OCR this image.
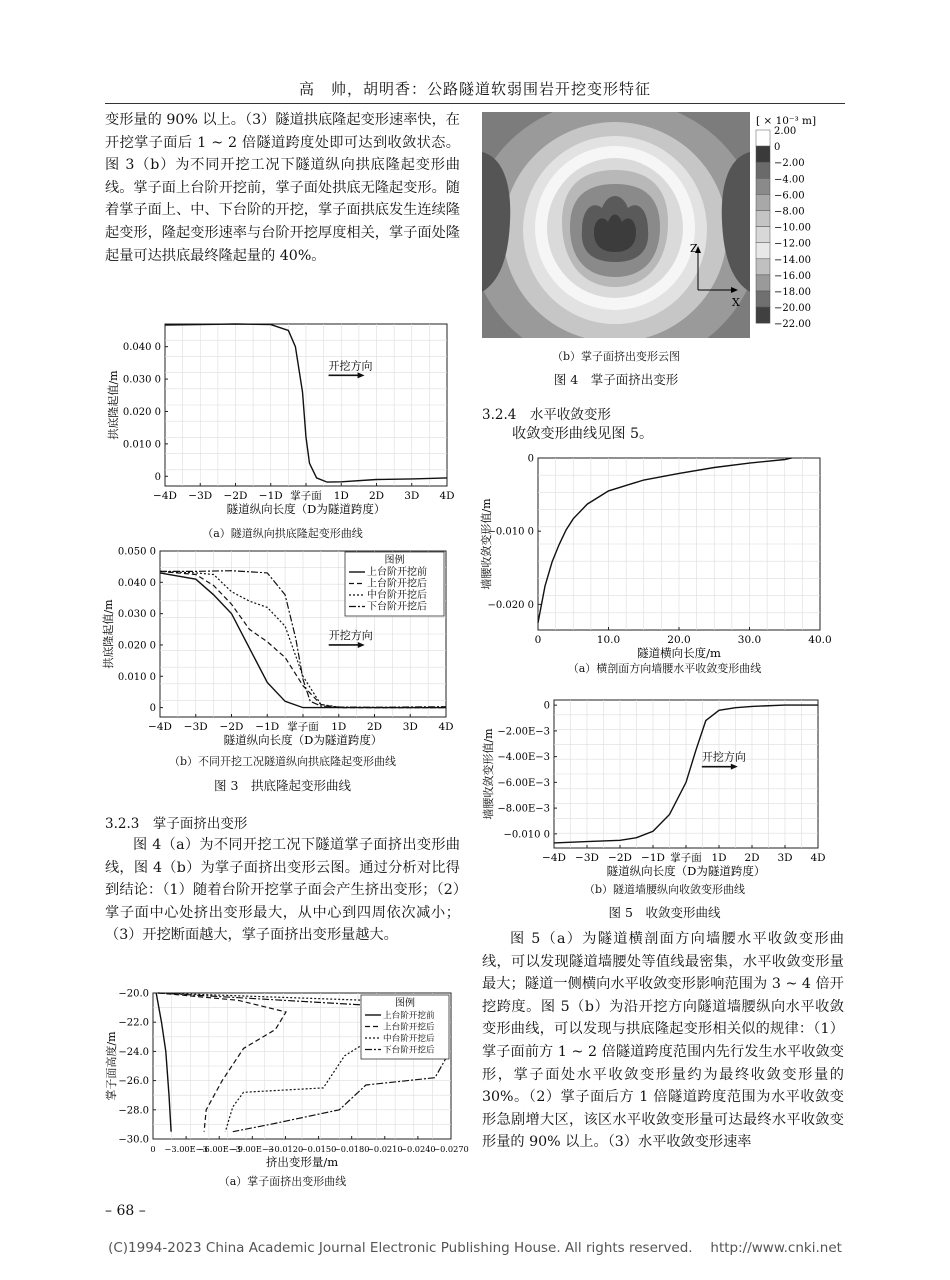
高　帅，胡明香：公路隧道软弱围岩开挖变形特征

变形量的 90% 以上。（3）隧道拱底隆起变形速率快，在开挖掌子面后 1 ~ 2 倍隧道跨度处即可达到收敛状态。图 3（b）为不同开挖工况下隧道纵向拱底隆起变形曲线。掌子面上台阶开挖前，掌子面处拱底无隆起变形。随着掌子面上、中、下台阶的开挖，掌子面拱底发生连续隆起变形，隆起变形速率与台阶开挖厚度相关，掌子面处隆起量可达拱底最终隆起量的 40%。

−4D −3D −2D −1D 掌子面 1D 2D 3D 4D
0.040 0
0.030 0
0.020 0
0.010 0
0
隧道纵向长度（D为隧道跨度）
拱底隆起值/m
开挖方向
（a）隧道纵向拱底隆起变形曲线
−4D −3D −2D −1D 掌子面 1D 2D 3D 4D
0.050 0
0.040 0
0.030 0
0.020 0
0.010 0
0
隧道纵向长度（D为隧道跨度）
拱底隆起值/m	开挖方向
图例
上台阶开挖前
上台阶开挖后
中台阶开挖后
下台阶开挖后
（b）不同开挖工况隧道纵向拱底隆起变形曲线
图 3　拱底隆起变形曲线
3.2.3　掌子面挤出变形

图 4（a）为不同开挖工况下隧道掌子面挤出变形曲线，图 4（b）为掌子面挤出变形云图。通过分析对比得到结论：（1）随着台阶开挖掌子面会产生挤出变形；（2）掌子面中心处挤出变形最大，从中心到四周依次减小；（3）开挖断面越大，掌子面挤出变形量越大。

0 −3.00E−3
−6.00E−3
−9.00E−3
−0.0120
−0.0150
−0.0180
−0.0210
−0.0240
−0.0270
−20.0
−22.0
−24.0
−26.0
−28.0
−30.0
挤出变形量/m
掌子面高度/m
图例
上台阶开挖前
上台阶开挖后
中台阶开挖后
下台阶开挖后
（a）掌子面挤出变形曲线
– 68 –
Z
X
[ × 10⁻³ m]
2.00
0
−2.00
−4.00
−6.00
−8.00
−10.00
−12.00
−14.00
−16.00
−18.00
−20.00
−22.00
（b）掌子面挤出变形云图
图 4　掌子面挤出变形
3.2.4　水平收敛变形
收敛变形曲线见图 5。
0	10.0	20.0	30.0	40.0
0
−0.010 0
−0.020 0
隧道横向长度/m
墙腰收敛变形值/m
（a）横剖面方向墙腰水平收敛变形曲线
−4D −3D −2D −1D 掌子面 1D 2D 3D 4D
0
−2.00E−3
−4.00E−3
−6.00E−3
−8.00E−3
−0.010 0
隧道纵向长度（D为隧道跨度）
墙腰收敛变形值/m	开挖方向
（b）隧道墙腰纵向收敛变形曲线
图 5　收敛变形曲线

图 5（a）为隧道横剖面方向墙腰水平收敛变形曲线，可以发现隧道墙腰处等值线最密集，水平收敛变形量最大；隧道一侧横向水平收敛变形影响范围为 3 ~ 4 倍开挖跨度。图 5（b）为沿开挖方向隧道墙腰纵向水平收敛变形曲线，可以发现与拱底隆起变形相关似的规律：（1）掌子面前方 1 ~ 2 倍隧道跨度范围内先行发生水平收敛变形，掌子面处水平收敛变形量约为最终收敛变形量的 30%。（2）掌子面后方 1 倍隧道跨度范围为水平收敛变形急剧增大区，该区水平收敛变形量可达最终水平收敛变形量的 90% 以上。（3）水平收敛变形速率

(C)1994-2023 China Academic Journal Electronic Publishing House. All rights reserved.　 http://www.cnki.net
